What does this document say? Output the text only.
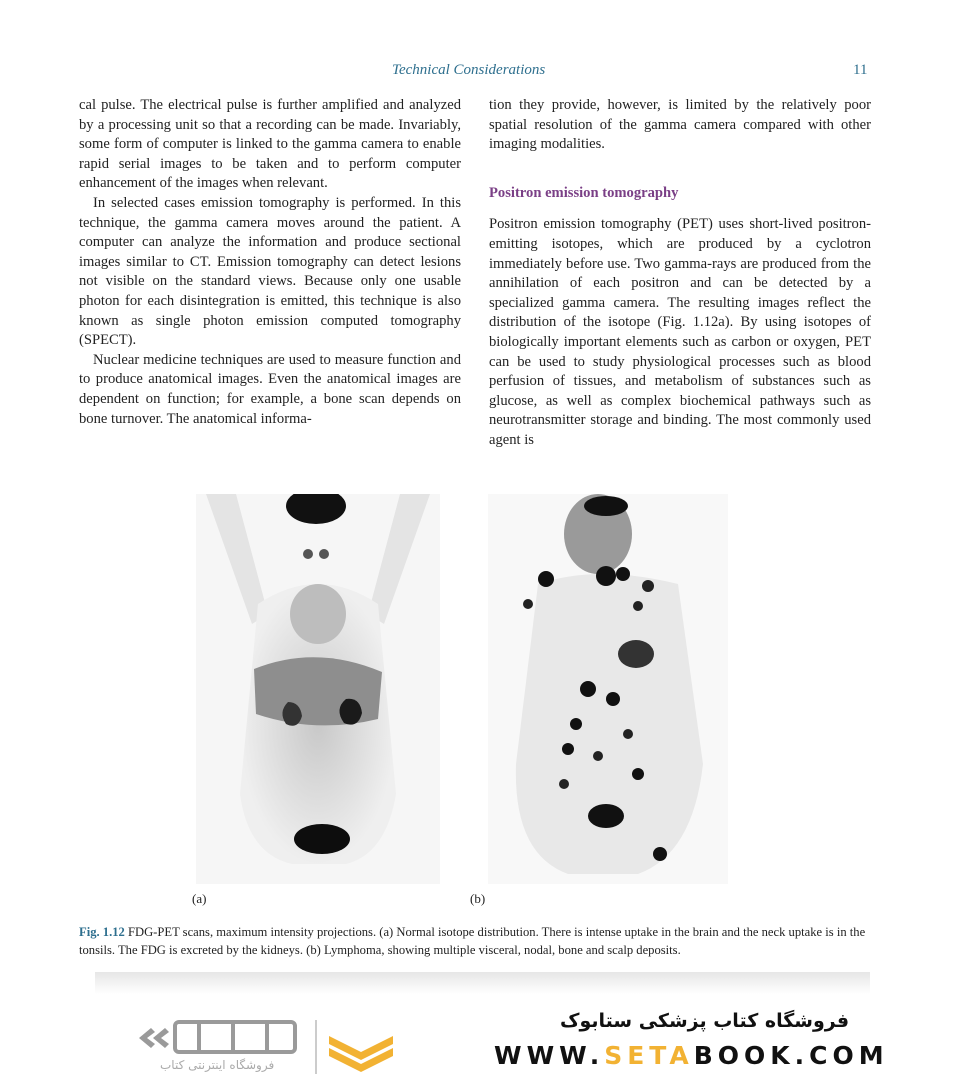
Technical Considerations	11

cal pulse. The electrical pulse is further amplified and analyzed by a processing unit so that a recording can be made. Invariably, some form of computer is linked to the gamma camera to enable rapid serial images to be taken and to perform computer enhancement of the images when relevant.

In selected cases emission tomography is performed. In this technique, the gamma camera moves around the patient. A computer can analyze the information and produce sectional images similar to CT. Emission tomography can detect lesions not visible on the standard views. Because only one usable photon for each disintegration is emitted, this technique is also known as single photon emission computed tomography (SPECT).

Nuclear medicine techniques are used to measure function and to produce anatomical images. Even the anatomical images are dependent on function; for example, a bone scan depends on bone turnover. The anatomical informa-

tion they provide, however, is limited by the relatively poor spatial resolution of the gamma camera compared with other imaging modalities.

Positron emission tomography

Positron emission tomography (PET) uses short-lived positron-emitting isotopes, which are produced by a cyclotron immediately before use. Two gamma-rays are produced from the annihilation of each positron and can be detected by a specialized gamma camera. The resulting images reflect the distribution of the isotope (Fig. 1.12a). By using isotopes of biologically important elements such as carbon or oxygen, PET can be used to study physiological processes such as blood perfusion of tissues, and metabolism of substances such as glucose, as well as complex biochemical pathways such as neurotransmitter storage and binding. The most commonly used agent is

(a)	(b)
Fig. 1.12 FDG-PET scans, maximum intensity projections. (a) Normal isotope distribution. There is intense uptake in the brain and the neck uptake is in the tonsils. The FDG is excreted by the kidneys. (b) Lymphoma, showing multiple visceral, nodal, bone and scalp deposits.
فروشگاه اینترنتی کتاب
فروشگاه کتاب پزشکی ستابوک
WWW.SETABOOK.COM
